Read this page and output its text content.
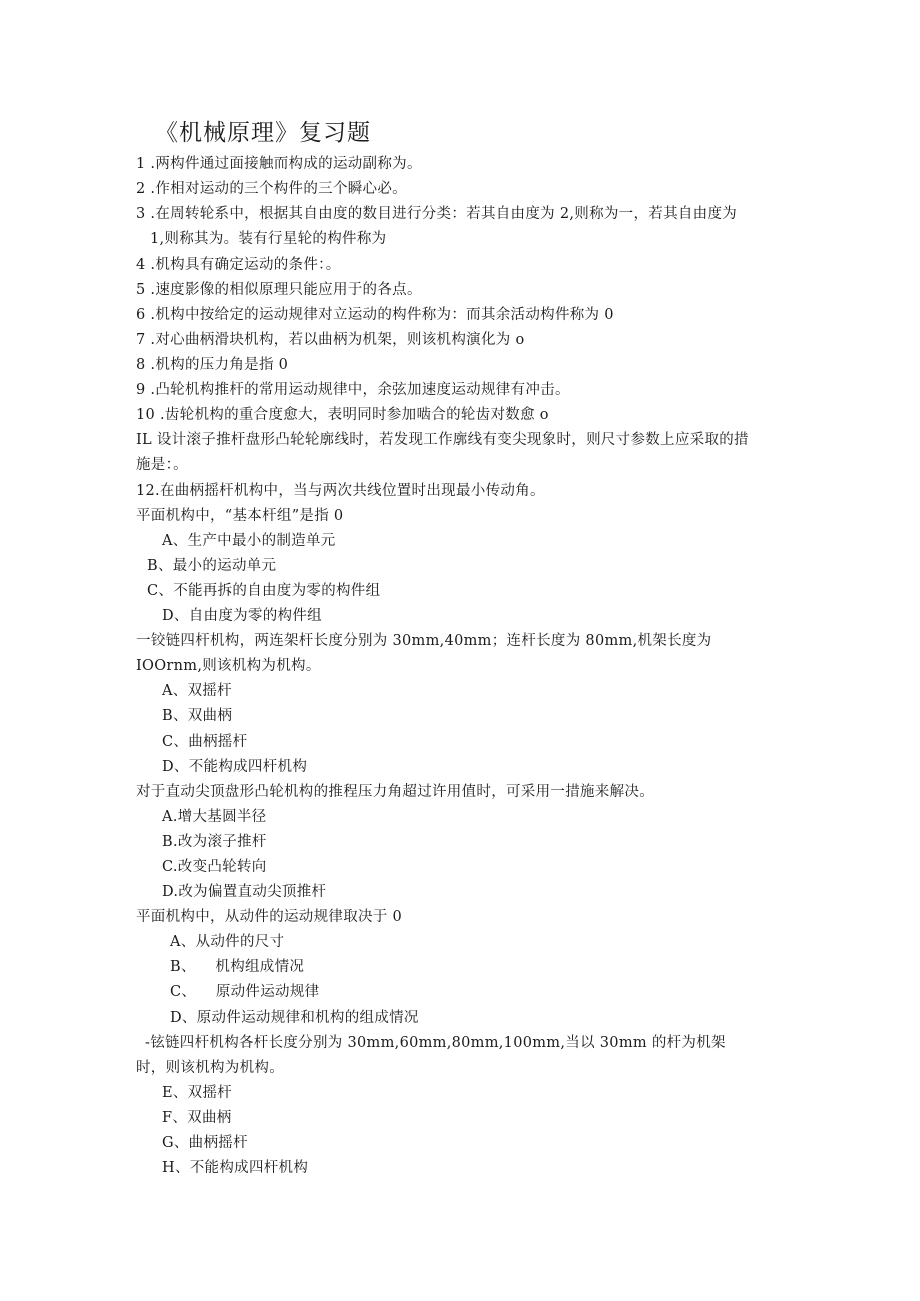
《机械原理》复习题
1 .两构件通过面接触而构成的运动副称为。
2 .作相对运动的三个构件的三个瞬心必。
3 .在周转轮系中，根据其自由度的数目进行分类：若其自由度为 2,则称为一，若其自由度为
1,则称其为。装有行星轮的构件称为
4 .机构具有确定运动的条件：。
5 .速度影像的相似原理只能应用于的各点。
6 .机构中按给定的运动规律对立运动的构件称为：而其余活动构件称为 0
7 .对心曲柄滑块机构，若以曲柄为机架，则该机构演化为 o
8 .机构的压力角是指 0
9 .凸轮机构推杆的常用运动规律中，余弦加速度运动规律有冲击。
10 .齿轮机构的重合度愈大，表明同时参加啮合的轮齿对数愈 o
IL 设计滚子推杆盘形凸轮轮廓线时，若发现工作廓线有变尖现象时，则尺寸参数上应采取的措
施是：。
12.在曲柄摇杆机构中，当与两次共线位置时出现最小传动角。
平面机构中，“基本杆组”是指 0
A、生产中最小的制造单元
B、最小的运动单元
C、不能再拆的自由度为零的构件组
D、自由度为零的构件组
一铰链四杆机构，两连架杆长度分别为 30mm,40mm；连杆长度为 80mm,机架长度为
IOOrnm,则该机构为机构。
A、双摇杆
B、双曲柄
C、曲柄摇杆
D、不能构成四杆机构
对于直动尖顶盘形凸轮机构的推程压力角超过许用值时，可采用一措施来解决。
A.增大基圆半径
B.改为滚子推杆
C.改变凸轮转向
D.改为偏置直动尖顶推杆
平面机构中，从动件的运动规律取决于 0
A、从动件的尺寸
B、    机构组成情况
C、    原动件运动规律
D、原动件运动规律和机构的组成情况
-铉链四杆机构各杆长度分别为 30mm,60mm,80mm,100mm,当以 30mm 的杆为机架
时，则该机构为机构。
E、双摇杆
F、双曲柄
G、曲柄摇杆
H、不能构成四杆机构
